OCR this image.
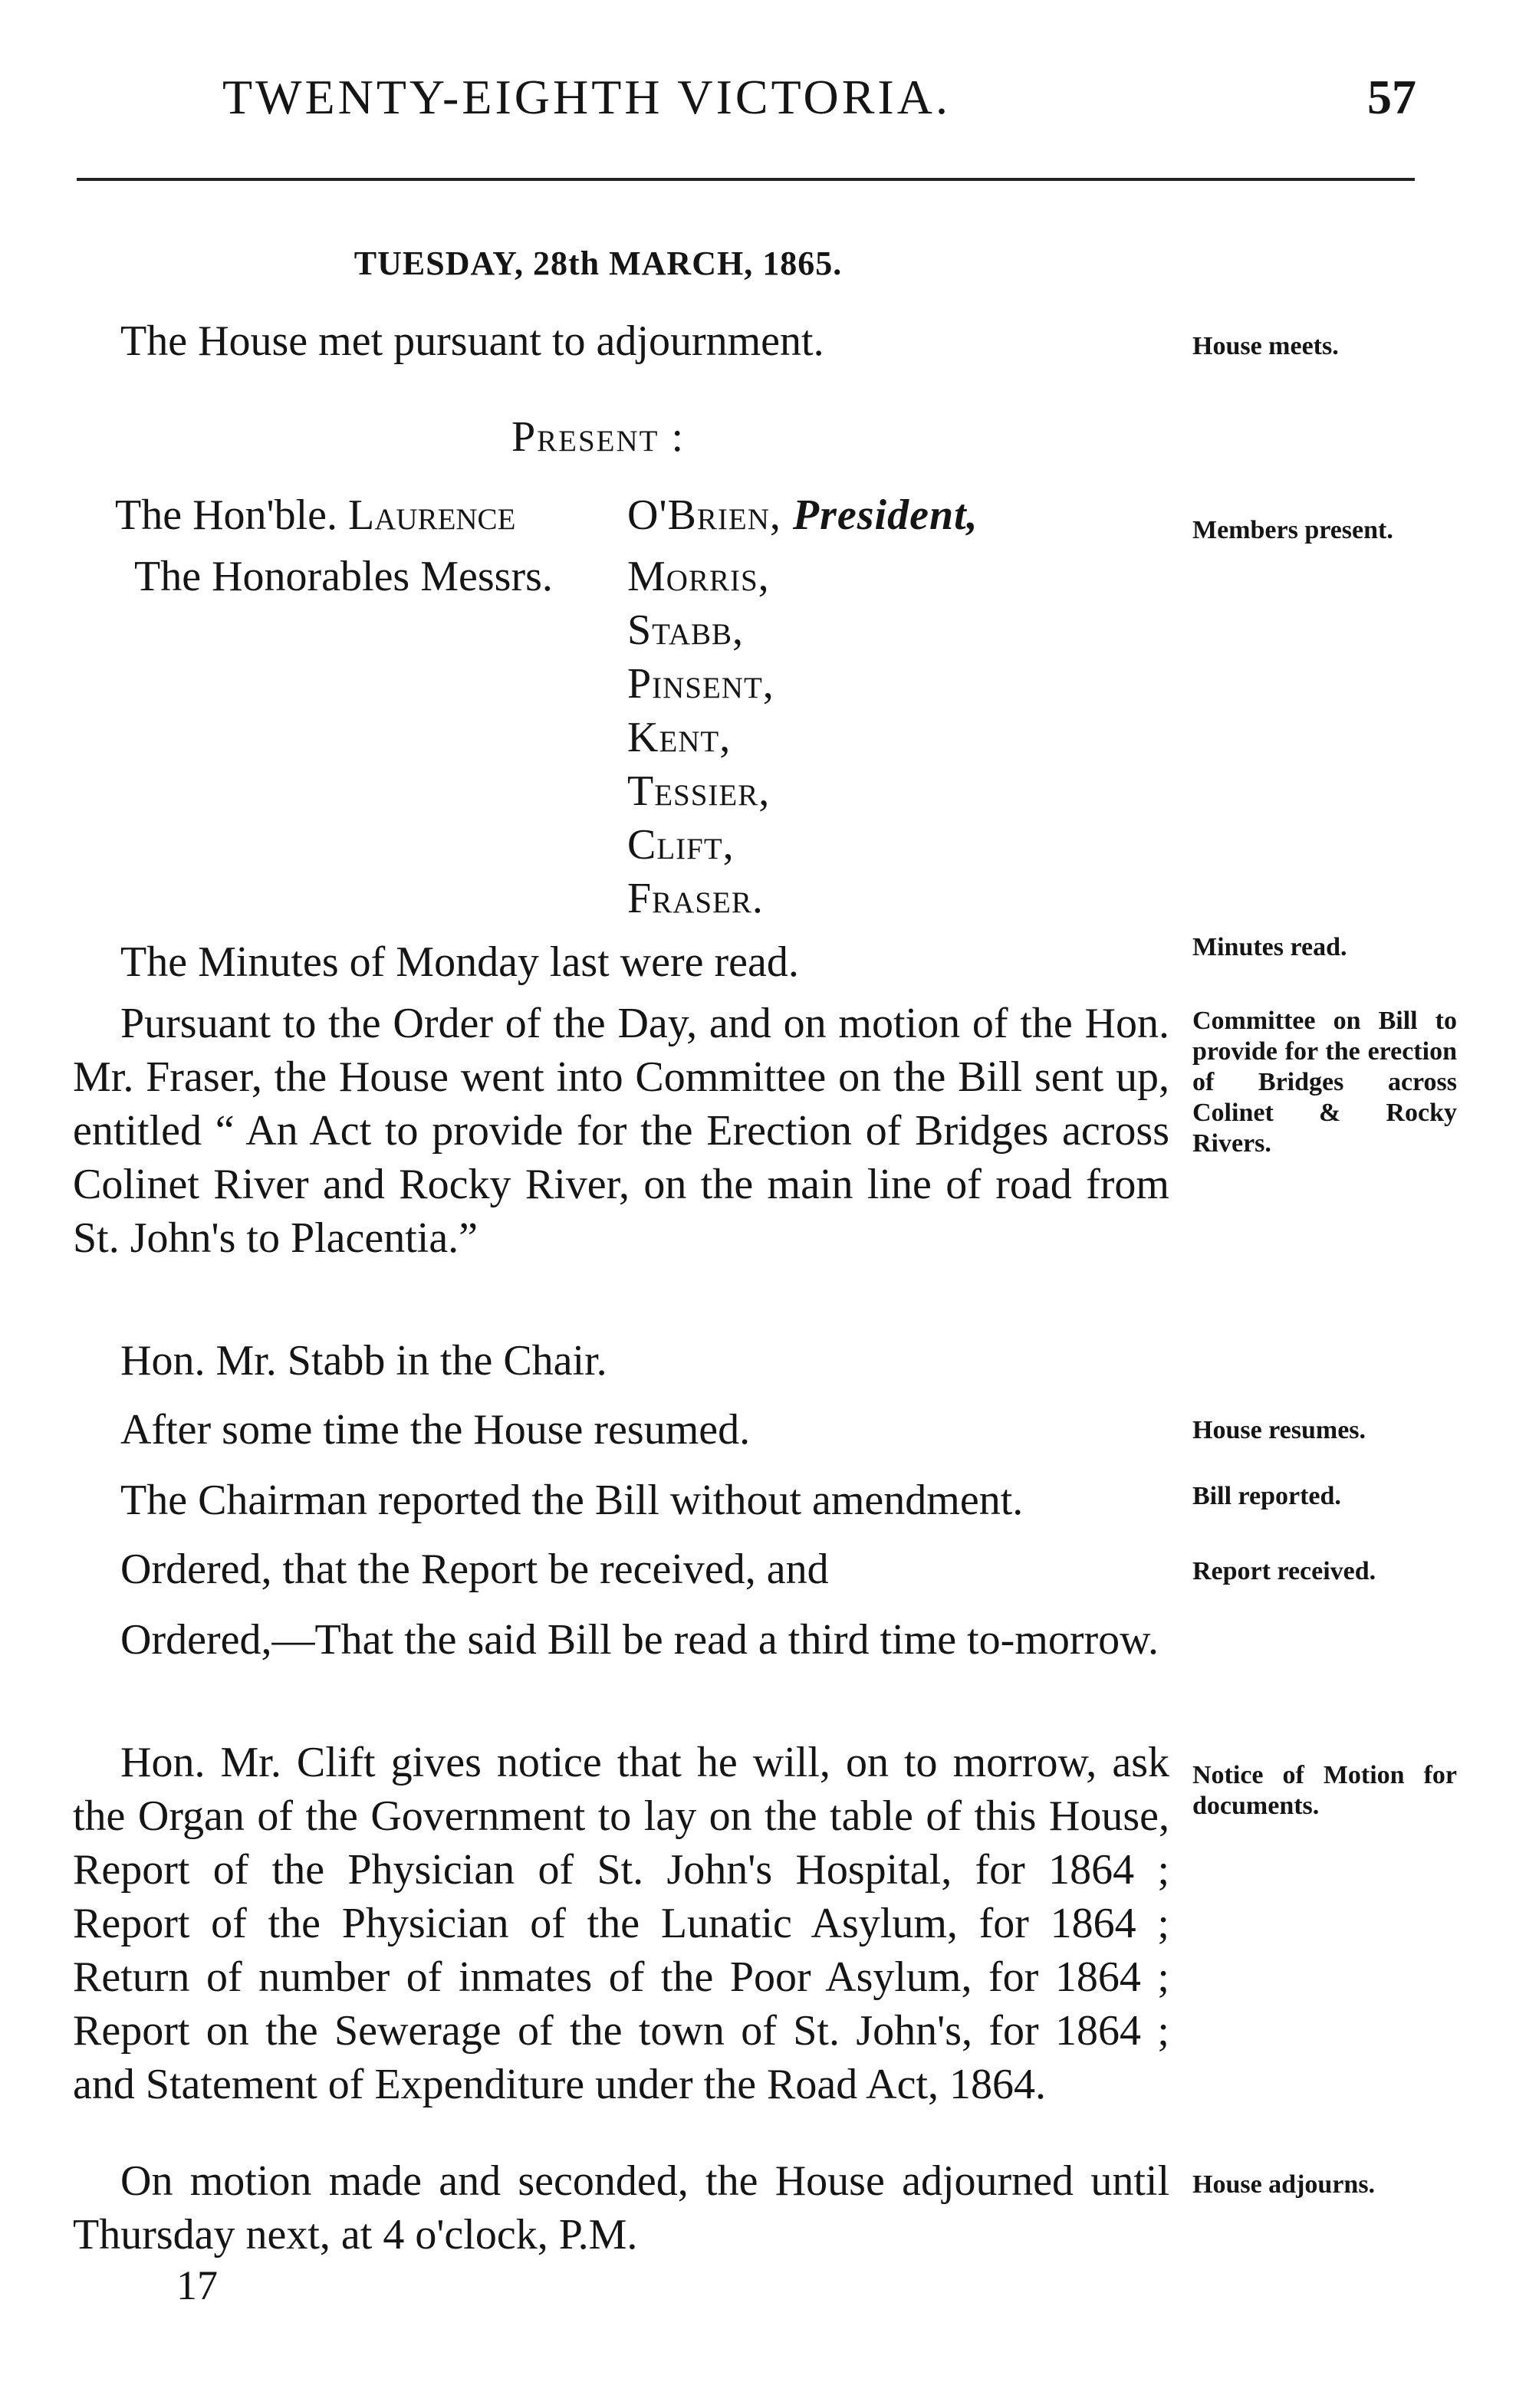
TWENTY-EIGHTH VICTORIA.	57
TUESDAY, 28th MARCH, 1865.

The House met pursuant to adjournment.	House meets.

Present :
The Hon'ble. Laurence	O'Brien, President,	Members present.

The Honorables Messrs. Morris,
Stabb,
Pinsent,
Kent,
Tessier,
Clift,
Fraser.

The Minutes of Monday last were read.	Minutes read.

Pursuant to the Order of the Day, and on motion of the Hon. Mr. Fraser, the House went into Committee on the Bill sent up, entitled “ An Act to provide for the Erection of Bridges across Colinet River and Rocky River, on the main line of road from St. John's to Placentia.”

Committee on Bill to provide for the erection of Bridges across Colinet & Rocky Rivers.

Hon. Mr. Stabb in the Chair.

After some time the House resumed.	House resumes.

The Chairman reported the Bill without amendment.	Bill reported.

Ordered, that the Report be received, and	Report received.

Ordered,—That the said Bill be read a third time to-morrow.

Hon. Mr. Clift gives notice that he will, on to morrow, ask the Organ of the Government to lay on the table of this House, Report of the Physician of St. John's Hospital, for 1864 ; Report of the Physician of the Lunatic Asylum, for 1864 ; Return of number of inmates of the Poor Asylum, for 1864 ; Report on the Sewerage of the town of St. John's, for 1864 ; and Statement of Expenditure under the Road Act, 1864.

Notice of Motion for documents.

On motion made and seconded, the House adjourned until Thursday next, at 4 o'clock, P.M.

House adjourns.

17
